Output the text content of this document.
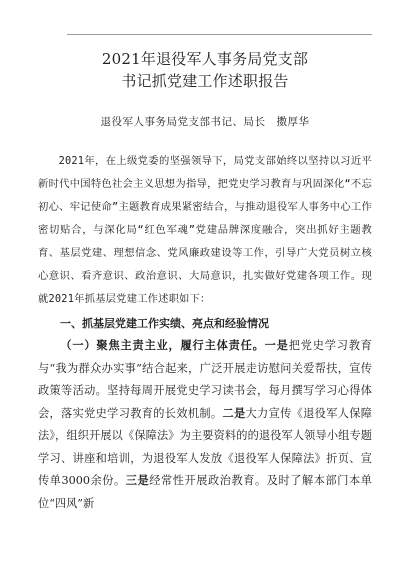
2021年退役军人事务局党支部
书记抓党建工作述职报告
退役军人事务局党支部书记、局长　擞厚华
2021年，在上级党委的坚强领导下，局党支部始终以坚持以习近平新时代中国特色社会主义思想为指导，把党史学习教育与巩固深化“不忘初心、牢记使命”主题教育成果紧密结合，与推动退役军人事务中心工作密切贴合，与深化局“红色军魂”党建品牌深度融合，突出抓好主题教育、基层党建、理想信念、党风廉政建设等工作，引导广大党员树立核心意识、看齐意识、政治意识、大局意识，扎实做好党建各项工作。现就2021年抓基层党建工作述职如下：
一、抓基层党建工作实绩、亮点和经验情况
（一）聚焦主责主业，履行主体责任。一是把党史学习教育与“我为群众办实事”结合起来，广泛开展走访慰问关爱帮扶，宣传政策等活动。坚持每周开展党史学习读书会，每月撰写学习心得体会，落实党史学习教育的长效机制。二是大力宣传《退役军人保障法》，组织开展以《保障法》为主要资料的的退役军人领导小组专题学习、讲座和培训，为退役军人发放《退役军人保障法》折页、宣传单3000余份。三是经常性开展政治教育。及时了解本部门本单位“四风”新
